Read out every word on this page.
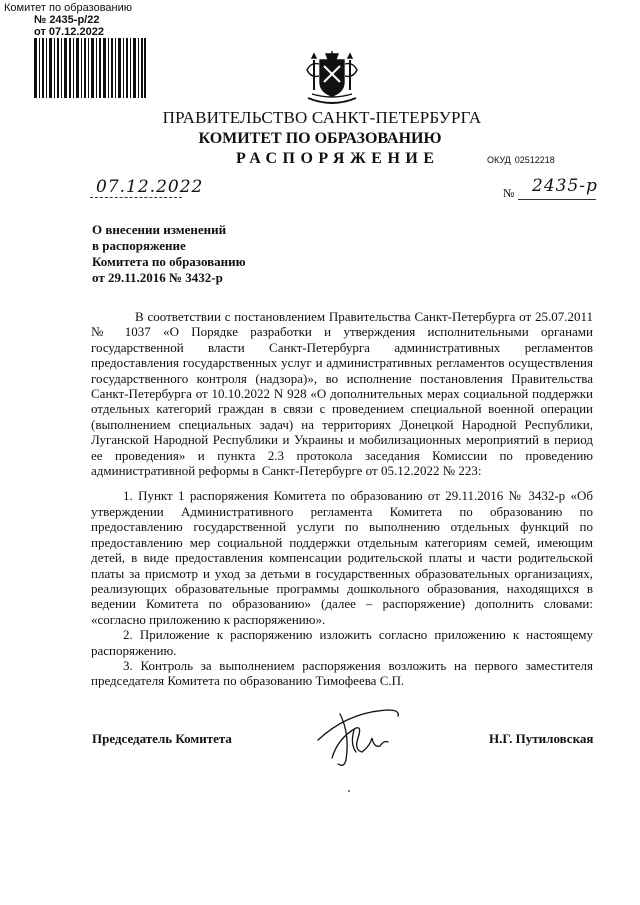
Комитет по образованию
№ 2435-р/22
от 07.12.2022
ПРАВИТЕЛЬСТВО САНКТ-ПЕТЕРБУРГА
КОМИТЕТ ПО ОБРАЗОВАНИЮ
РАСПОРЯЖЕНИЕ	ОКУД 02512218
07.12.2022	№ 2435-р
О внесении изменений
в распоряжение
Комитета по образованию
от 29.11.2016 № 3432-р

В соответствии с постановлением Правительства Санкт-Петербурга от 25.07.2011 № 1037 «О Порядке разработки и утверждения исполнительными органами государственной власти Санкт-Петербурга административных регламентов предоставления государственных услуг и административных регламентов осуществления государственного контроля (надзора)», во исполнение постановления Правительства Санкт-Петербурга от 10.10.2022 N 928 «О дополнительных мерах социальной поддержки отдельных категорий граждан в связи с проведением специальной военной операции (выполнением специальных задач) на территориях Донецкой Народной Республики, Луганской Народной Республики и Украины и мобилизационных мероприятий в период ее проведения» и пункта 2.3 протокола заседания Комиссии по проведению административной реформы в Санкт-Петербурге от 05.12.2022 № 223:

1. Пункт 1 распоряжения Комитета по образованию от 29.11.2016 № 3432-р «Об утверждении Административного регламента Комитета по образованию по предоставлению государственной услуги по выполнению отдельных функций по предоставлению мер социальной поддержки отдельным категориям семей, имеющим детей, в виде предоставления компенсации родительской платы и части родительской платы за присмотр и уход за детьми в государственных образовательных организациях, реализующих образовательные программы дошкольного образования, находящихся в ведении Комитета по образованию» (далее – распоряжение) дополнить словами: «согласно приложению к распоряжению».

2. Приложение к распоряжению изложить согласно приложению к настоящему распоряжению.

3. Контроль за выполнением распоряжения возложить на первого заместителя председателя Комитета по образованию Тимофеева С.П.

Председатель Комитета	Н.Г. Путиловская
